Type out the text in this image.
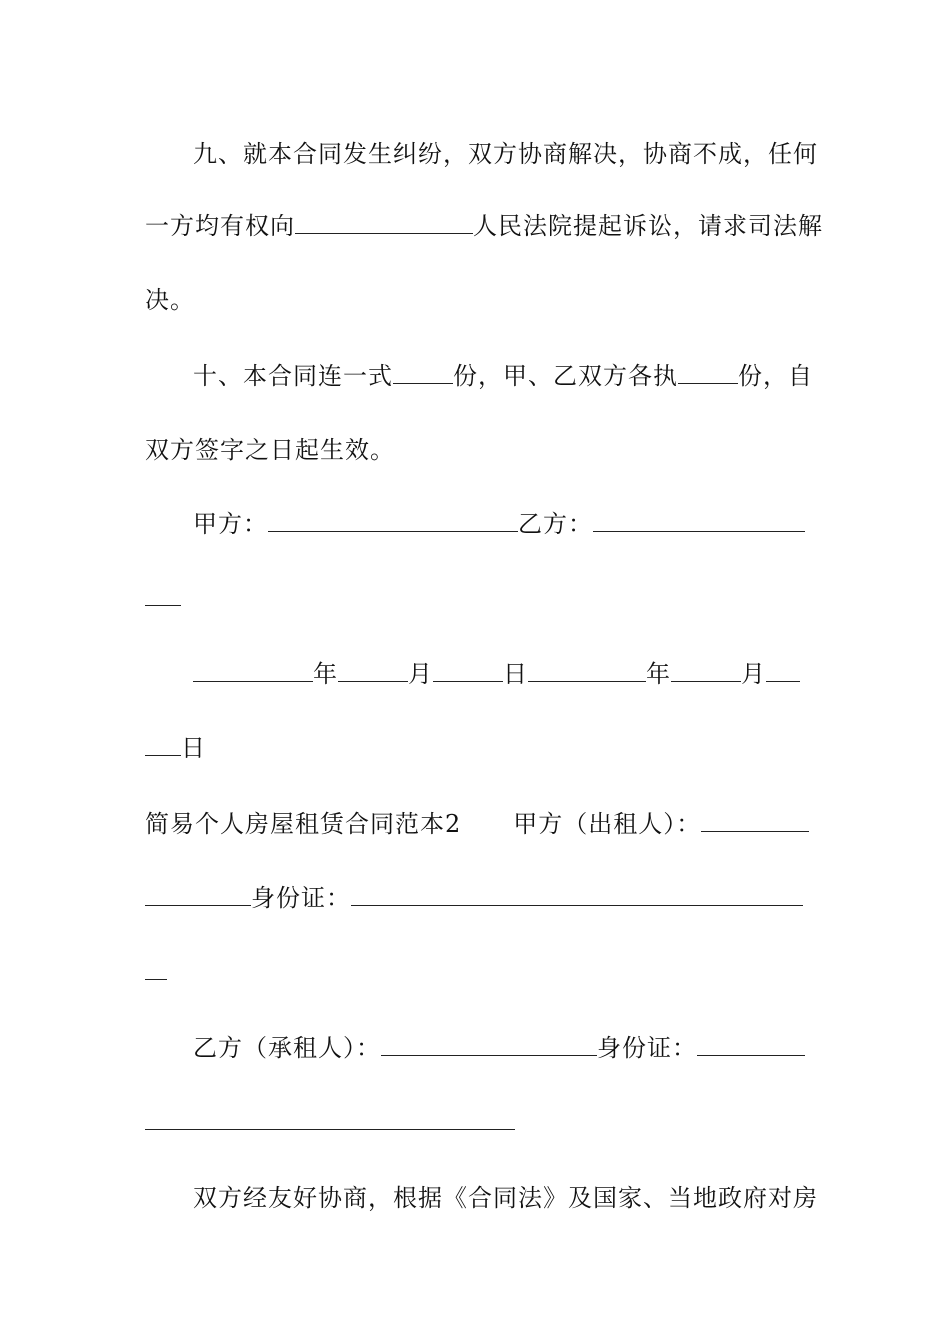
九、就本合同发生纠纷，双方协商解决，协商不成，任何
一方均有权向	人民法院提起诉讼，请求司法解
决。
十、本合同连一式	份，甲、乙双方各执	份，自
双方签字之日起生效。
甲方：	乙方：
年	月	日	年	月
日
简易个人房屋租赁合同范本2 甲方（出租人）：
身份证：
乙方（承租人）：	身份证：
双方经友好协商，根据《合同法》及国家、当地政府对房
